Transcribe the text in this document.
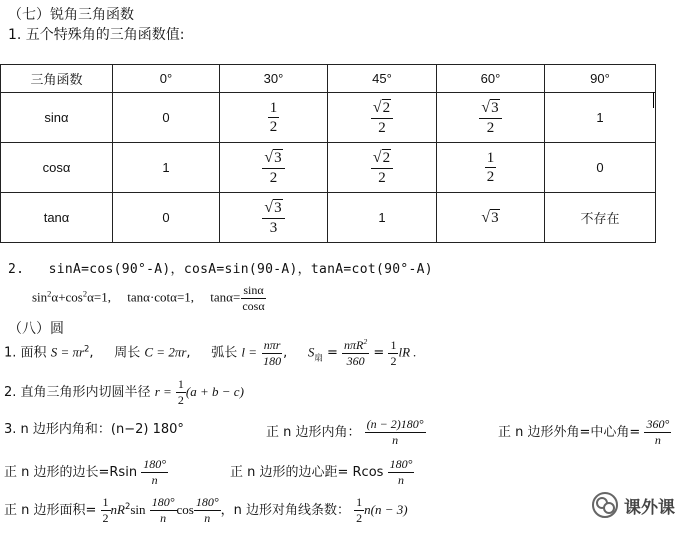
（七）锐角三角函数
1. 五个特殊角的三角函数值:
三角函数	0°	30°	45°	60°	90°
sinα	0	$\frac{1}{2}$	$\frac{√2}{2}$	$\frac{√3}{2}$	1
cosα	1	$\frac{√3}{2}$	$\frac{√2}{2}$	$\frac{1}{2}$	0
tanα	0	$\frac{√3}{3}$	1	√3	不存在
2. sinA=cos(90°-A)，cosA=sin(90-A)，tanA=cot(90°-A)
$\sin^2\alpha+\cos^2\alpha=1$, tanα·cotα=1, $\tan\alpha= \frac{\sin\alpha}{\cos\alpha}$
（八）圆
1. 面积 $S = \pi r^2$,     周长 C = 2πr,     弧长 $l = \frac{\text{nπr}}{180}$ ,     $S_扇 = \frac{n\pi R^2}{360} = \frac{1}{2}$ lR .
2. 直角三角形内切圆半径 $r = \frac{1}{2} (a + b - c)$
3. n 边形内角和：(n−2) 180°	正 n 边形内角： $\frac{(n - 2)180^\circ}{n}$	正 n 边形外角=中心角= $\frac{360^\circ}{n}$
正 n 边形的边长$=Rsin \frac{180^\circ}{n}$	正 n 边形的边心距= Rcos $\frac{180^\circ}{n}$
正 n 边形面积= $\frac{1}{2} nR^2\sin \frac{180^\circ}{n}$ $\cos \frac{180^\circ}{n}$ ，n 边形对角线条数： $\frac{1}{2} n(n - 3)$	课外课
